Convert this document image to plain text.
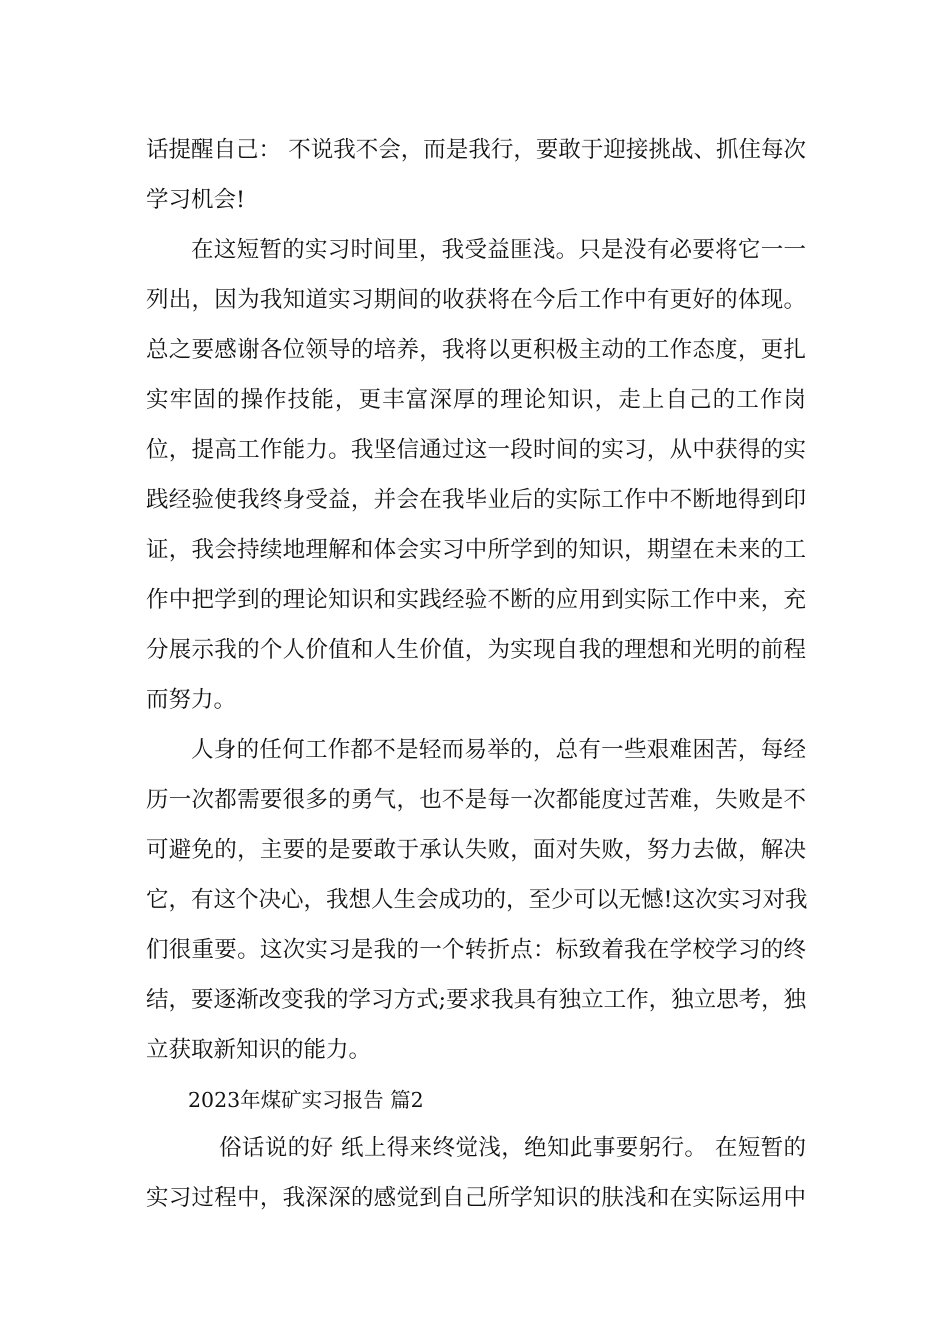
话提醒自己： 不说我不会，而是我行，要敢于迎接挑战、抓住每次
学习机会!
在这短暂的实习时间里，我受益匪浅。只是没有必要将它一一
列出，因为我知道实习期间的收获将在今后工作中有更好的体现。
总之要感谢各位领导的培养，我将以更积极主动的工作态度，更扎
实牢固的操作技能，更丰富深厚的理论知识，走上自己的工作岗
位，提高工作能力。我坚信通过这一段时间的实习，从中获得的实
践经验使我终身受益，并会在我毕业后的实际工作中不断地得到印
证，我会持续地理解和体会实习中所学到的知识，期望在未来的工
作中把学到的理论知识和实践经验不断的应用到实际工作中来，充
分展示我的个人价值和人生价值，为实现自我的理想和光明的前程
而努力。
人身的任何工作都不是轻而易举的，总有一些艰难困苦，每经
历一次都需要很多的勇气，也不是每一次都能度过苦难，失败是不
可避免的，主要的是要敢于承认失败，面对失败，努力去做，解决
它，有这个决心，我想人生会成功的，至少可以无憾!这次实习对我
们很重要。这次实习是我的一个转折点：标致着我在学校学习的终
结，要逐渐改变我的学习方式;要求我具有独立工作，独立思考，独
立获取新知识的能力。
2023年煤矿实习报告 篇2
俗话说的好 纸上得来终觉浅，绝知此事要躬行。 在短暂的
实习过程中，我深深的感觉到自己所学知识的肤浅和在实际运用中
